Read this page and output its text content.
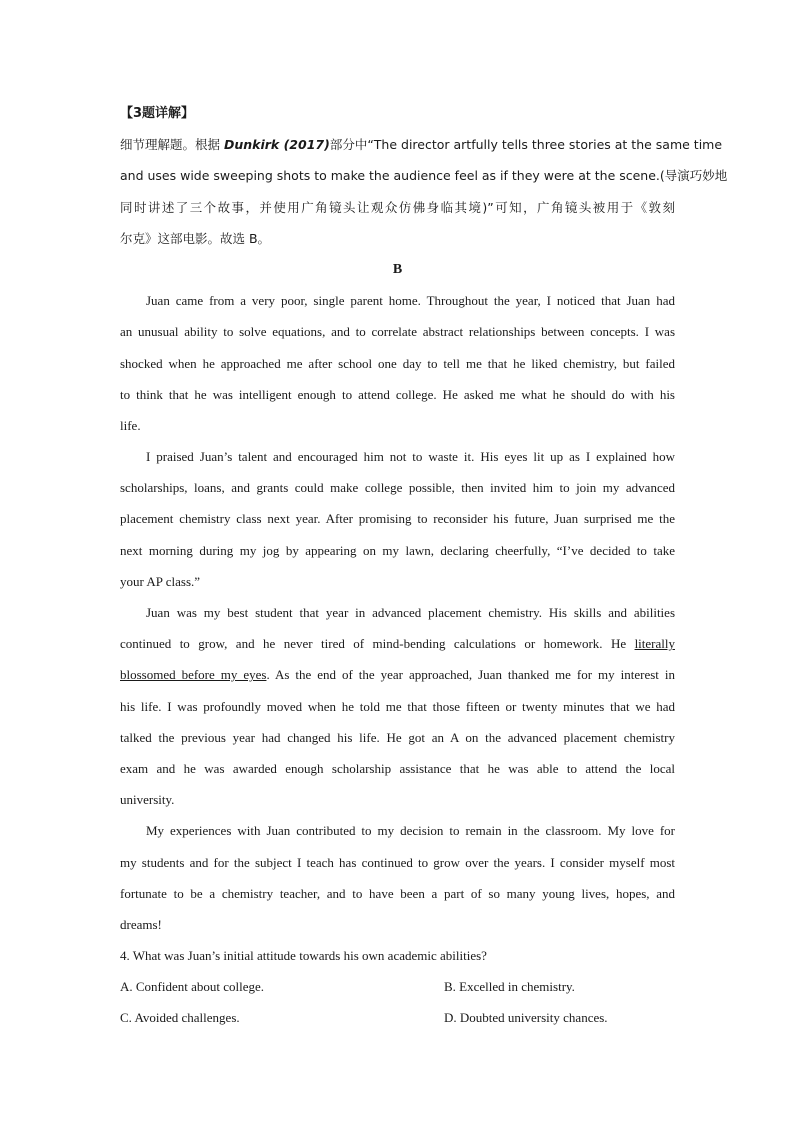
【3题详解】
细节理解题。根据 Dunkirk (2017)部分中“The director artfully tells three stories at the same time
and uses wide sweeping shots to make the audience feel as if they were at the scene.(导演巧妙地
同时讲述了三个故事，并使用广角镜头让观众仿佛身临其境)”可知，广角镜头被用于《敦刻
尔克》这部电影。故选 B。
B
Juan came from a very poor, single parent home. Throughout the year, I noticed that Juan had
an unusual ability to solve equations, and to correlate abstract relationships between concepts. I was
shocked when he approached me after school one day to tell me that he liked chemistry, but failed
to think that he was intelligent enough to attend college. He asked me what he should do with his
life.
I praised Juan’s talent and encouraged him not to waste it. His eyes lit up as I explained how
scholarships, loans, and grants could make college possible, then invited him to join my advanced
placement chemistry class next year. After promising to reconsider his future, Juan surprised me the
next morning during my jog by appearing on my lawn, declaring cheerfully, “I’ve decided to take
your AP class.”
Juan was my best student that year in advanced placement chemistry. His skills and abilities
continued to grow, and he never tired of mind-bending calculations or homework. He literally
blossomed before my eyes. As the end of the year approached, Juan thanked me for my interest in
his life. I was profoundly moved when he told me that those fifteen or twenty minutes that we had
talked the previous year had changed his life. He got an A on the advanced placement chemistry
exam and he was awarded enough scholarship assistance that he was able to attend the local
university.
My experiences with Juan contributed to my decision to remain in the classroom. My love for
my students and for the subject I teach has continued to grow over the years. I consider myself most
fortunate to be a chemistry teacher, and to have been a part of so many young lives, hopes, and
dreams!
4. What was Juan’s initial attitude towards his own academic abilities?
A. Confident about college.	B. Excelled in chemistry.
C. Avoided challenges.	D. Doubted university chances.
